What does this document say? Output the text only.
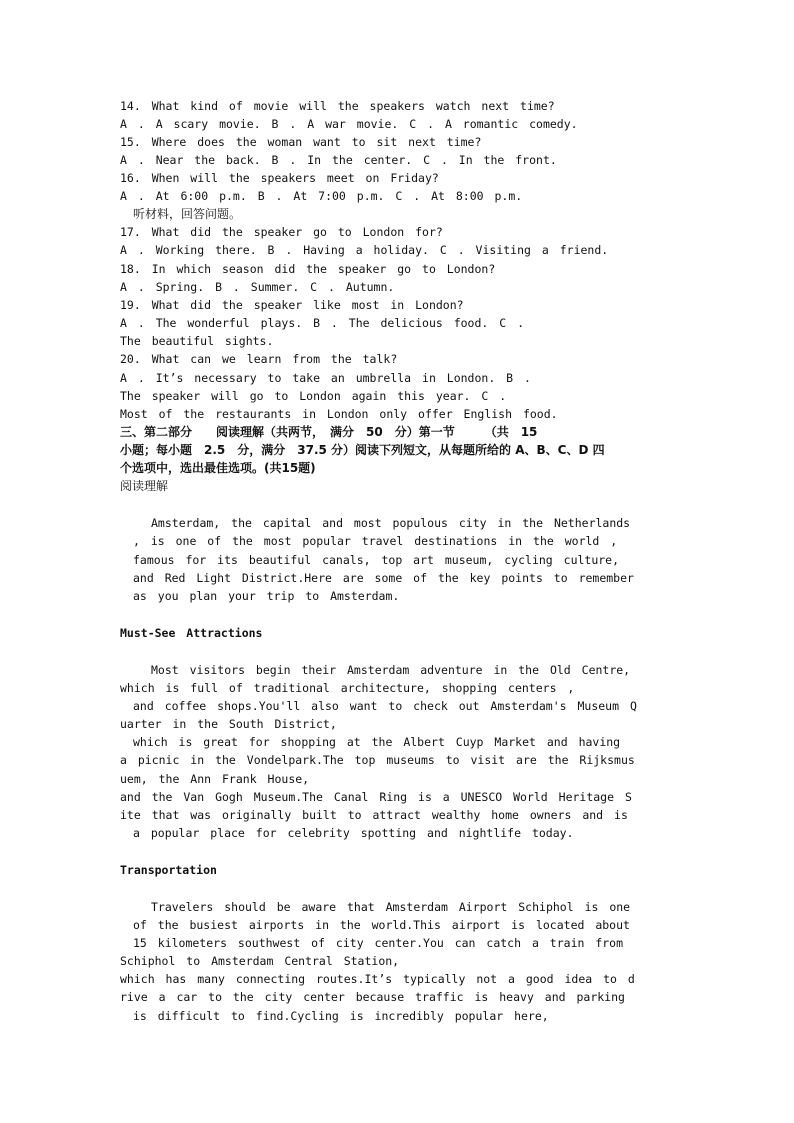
14. What kind of movie will the speakers watch next time?
A . A scary movie. B . A war movie. C . A romantic comedy.
15. Where does the woman want to sit next time?
A . Near the back. B . In the center. C . In the front.
16. When will the speakers meet on Friday?
A . At 6:00 p.m. B . At 7:00 p.m. C . At 8:00 p.m.
听材料，回答问题。
17. What did the speaker go to London for?
A . Working there. B . Having a holiday. C . Visiting a friend.
18. In which season did the speaker go to London?
A . Spring. B . Summer. C . Autumn.
19. What did the speaker like most in London?
A . The wonderful plays. B . The delicious food. C .
The beautiful sights.
20. What can we learn from the talk?
A . It’s necessary to take an umbrella in London. B .
The speaker will go to London again this year. C .
Most of the restaurants in London only offer English food.
三、第二部分　　阅读理解（共两节，　满分　50　分）第一节　　　（共　15
小题；每小题　2.5　分，满分　37.5 分）阅读下列短文，从每题所给的 A、B、C、D 四
个选项中，选出最佳选项。(共15题)
阅读理解
Amsterdam, the capital and most populous city in the Netherlands
, is one of the most popular travel destinations in the world ,
famous for its beautiful canals, top art museum, cycling culture,
and Red Light District.Here are some of the key points to remember
as you plan your trip to Amsterdam.
Must-See Attractions
Most visitors begin their Amsterdam adventure in the Old Centre,
which is full of traditional architecture, shopping centers ,
and coffee shops.You'll also want to check out Amsterdam's Museum Q
uarter in the South District,
which is great for shopping at the Albert Cuyp Market and having
a picnic in the Vondelpark.The top museums to visit are the Rijksmus
uem, the Ann Frank House,
and the Van Gogh Museum.The Canal Ring is a UNESCO World Heritage S
ite that was originally built to attract wealthy home owners and is
a popular place for celebrity spotting and nightlife today.
Transportation
Travelers should be aware that Amsterdam Airport Schiphol is one
of the busiest airports in the world.This airport is located about
15 kilometers southwest of city center.You can catch a train from
Schiphol to Amsterdam Central Station,
which has many connecting routes.It’s typically not a good idea to d
rive a car to the city center because traffic is heavy and parking
is difficult to find.Cycling is incredibly popular here,
